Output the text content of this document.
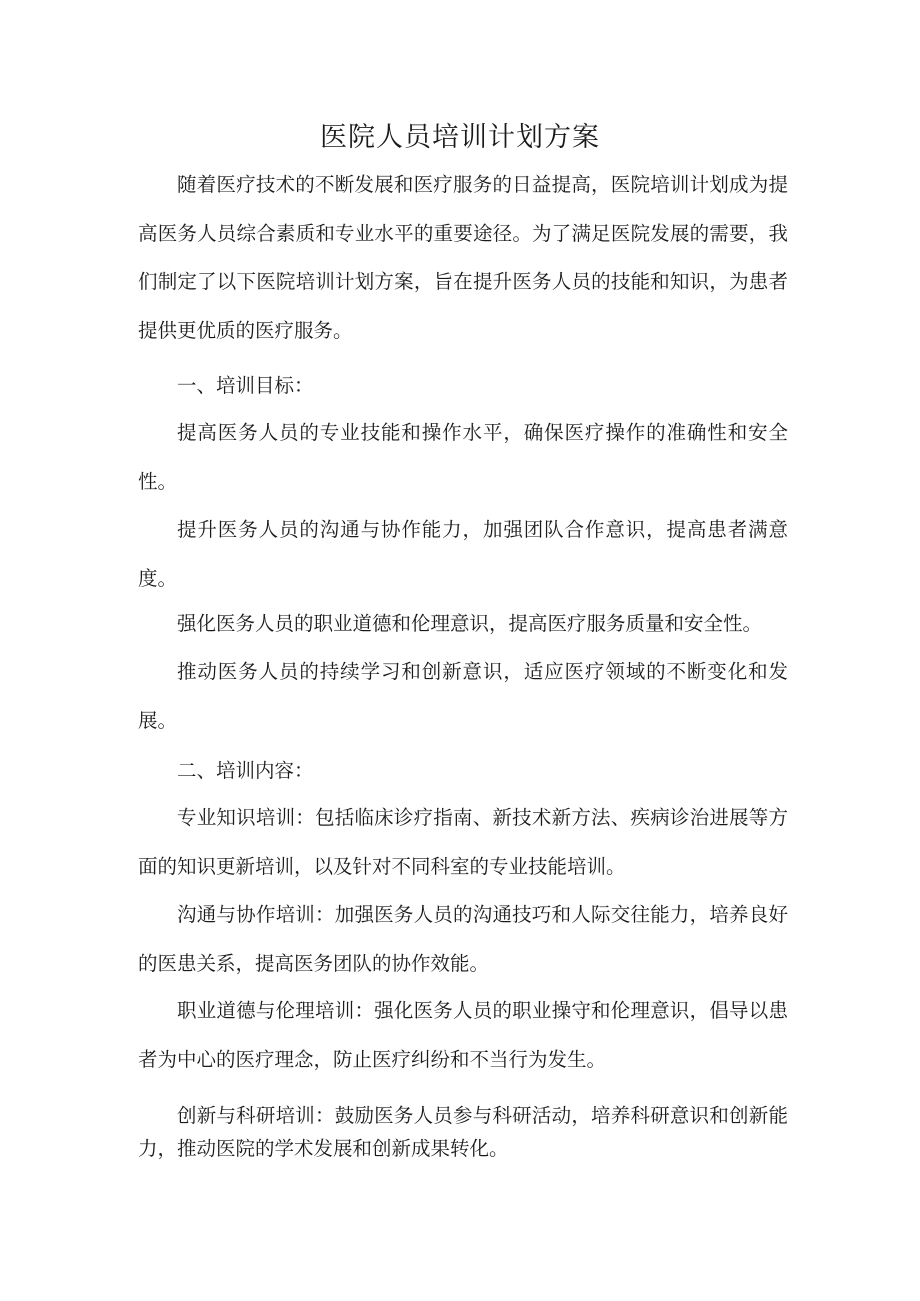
医院人员培训计划方案

随着医疗技术的不断发展和医疗服务的日益提高，医院培训计划成为提高医务人员综合素质和专业水平的重要途径。为了满足医院发展的需要，我们制定了以下医院培训计划方案，旨在提升医务人员的技能和知识，为患者提供更优质的医疗服务。

一、培训目标：

提高医务人员的专业技能和操作水平，确保医疗操作的准确性和安全性。

提升医务人员的沟通与协作能力，加强团队合作意识，提高患者满意度。

强化医务人员的职业道德和伦理意识，提高医疗服务质量和安全性。

推动医务人员的持续学习和创新意识，适应医疗领域的不断变化和发展。

二、培训内容：

专业知识培训：包括临床诊疗指南、新技术新方法、疾病诊治进展等方面的知识更新培训，以及针对不同科室的专业技能培训。

沟通与协作培训：加强医务人员的沟通技巧和人际交往能力，培养良好的医患关系，提高医务团队的协作效能。

职业道德与伦理培训：强化医务人员的职业操守和伦理意识，倡导以患者为中心的医疗理念，防止医疗纠纷和不当行为发生。

创新与科研培训：鼓励医务人员参与科研活动，培养科研意识和创新能力，推动医院的学术发展和创新成果转化。
